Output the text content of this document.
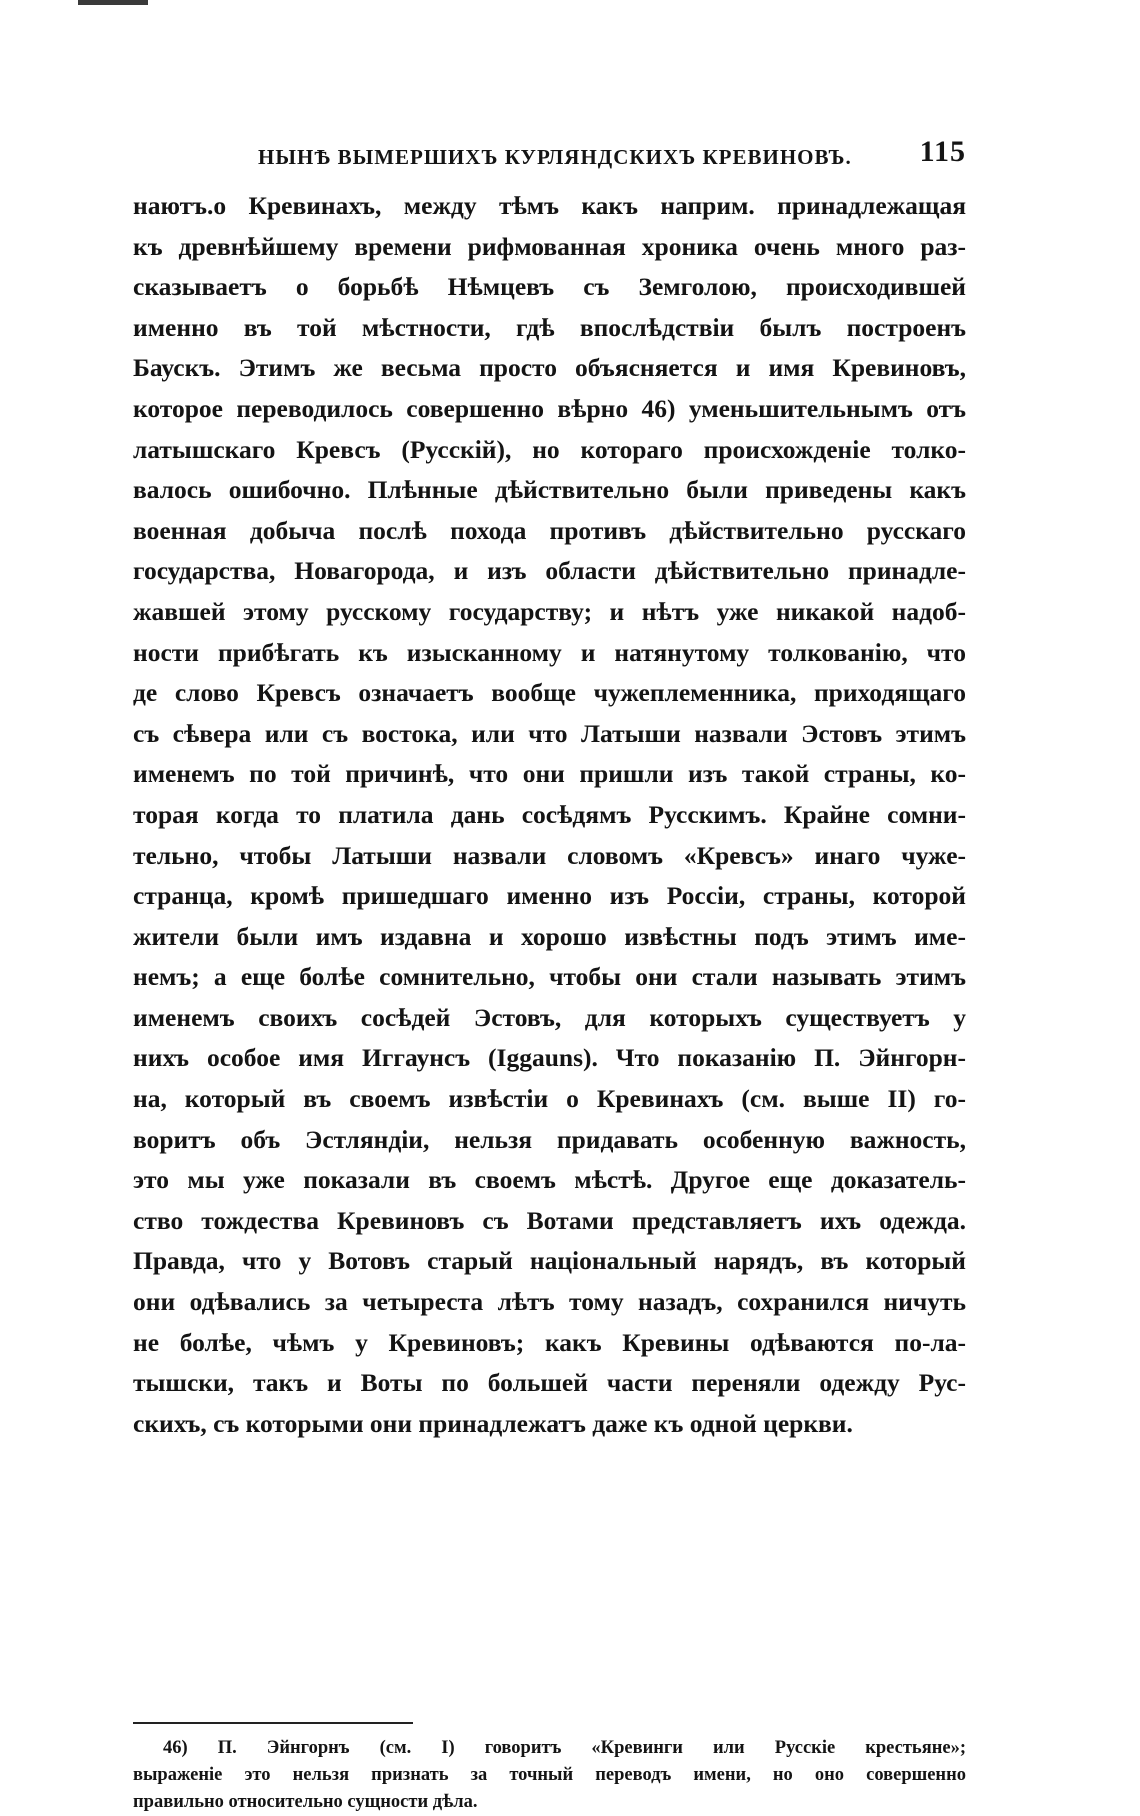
НЫНѢ ВЫМЕРШИХЪ КУРЛЯНДСКИХЪ КРЕВИНОВЪ. 115
наютъ.о Кревинахъ, между тѣмъ какъ наприм. принадлежащая
къ древнѣйшему времени рифмованная хроника очень много раз-
сказываетъ о борьбѣ Нѣмцевъ съ Земголою, происходившей
именно въ той мѣстности, гдѣ впослѣдствіи былъ построенъ
Баускъ. Этимъ же весьма просто объясняется и имя Кревиновъ,
которое переводилось совершенно вѣрно 46) уменьшительнымъ отъ
латышскаго Кревсъ (Русскій), но котораго происхожденіе толко-
валось ошибочно. Плѣнные дѣйствительно были приведены какъ
военная добыча послѣ похода противъ дѣйствительно русскаго
государства, Новагорода, и изъ области дѣйствительно принадле-
жавшей этому русскому государству; и нѣтъ уже никакой надоб-
ности прибѣгать къ изысканному и натянутому толкованію, что
де слово Кревсъ означаетъ вообще чужеплеменника, приходящаго
съ сѣвера или съ востока, или что Латыши назвали Эстовъ этимъ
именемъ по той причинѣ, что они пришли изъ такой страны, ко-
торая когда то платила дань сосѣдямъ Русскимъ. Крайне сомни-
тельно, чтобы Латыши назвали словомъ «Кревсъ» инаго чуже-
странца, кромѣ пришедшаго именно изъ Россіи, страны, которой
жители были имъ издавна и хорошо извѣстны подъ этимъ име-
немъ; а еще болѣе сомнительно, чтобы они стали называть этимъ
именемъ своихъ сосѣдей Эстовъ, для которыхъ существуетъ у
нихъ особое имя Иггаунсъ (Iggauns). Что показанію П. Эйнгорн-
на, который въ своемъ извѣстіи о Кревинахъ (см. выше II) го-
воритъ объ Эстляндіи, нельзя придавать особенную важность,
это мы уже показали въ своемъ мѣстѣ. Другое еще доказатель-
ство тождества Кревиновъ съ Вотами представляетъ ихъ одежда.
Правда, что у Вотовъ старый національный нарядъ, въ который
они одѣвались за четыреста лѣтъ тому назадъ, сохранился ничуть
не болѣе, чѣмъ у Кревиновъ; какъ Кревины одѣваются по-ла-
тышски, такъ и Воты по большей части переняли одежду Рус-
скихъ, съ которыми они принадлежатъ даже къ одной церкви.
46) П. Эйнгорнъ (см. I) говоритъ «Кревинги или Русскіе крестьяне»;
выраженіе это нельзя признать за точный переводъ имени, но оно совершенно
правильно относительно сущности дѣла.
